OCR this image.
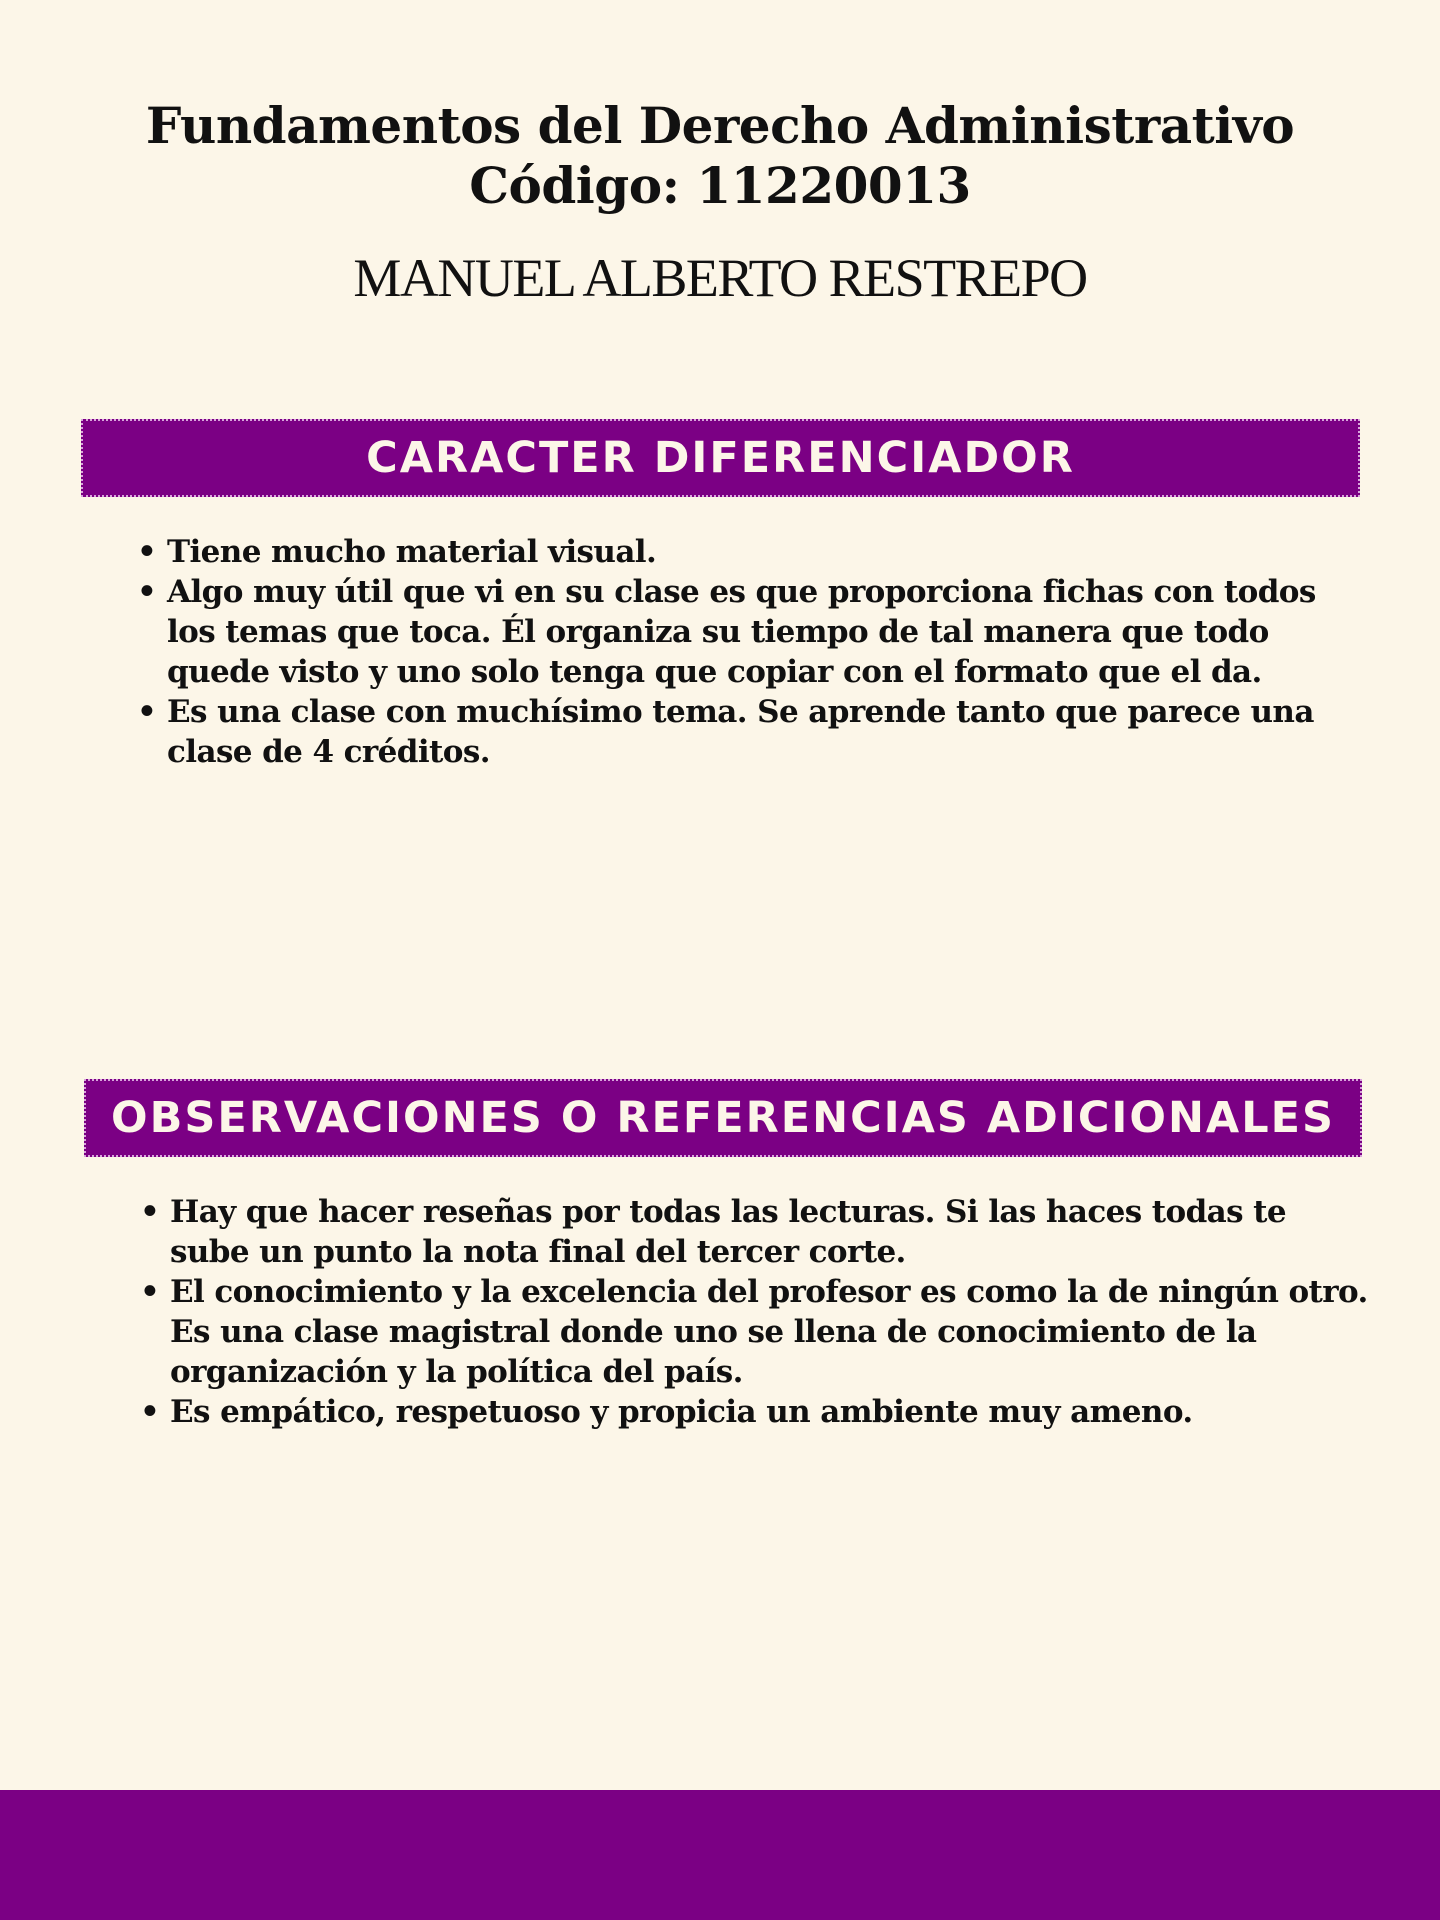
Fundamentos del Derecho Administrativo
Código: 11220013
MANUEL ALBERTO RESTREPO
CARACTER DIFERENCIADOR
• Tiene mucho material visual.
• Algo muy útil que vi en su clase es que proporciona fichas con todos los temas que toca. Él organiza su tiempo de tal manera que todo quede visto y uno solo tenga que copiar con el formato que el da.
• Es una clase con muchísimo tema. Se aprende tanto que parece una clase de 4 créditos.
OBSERVACIONES O REFERENCIAS ADICIONALES
• Hay que hacer reseñas por todas las lecturas. Si las haces todas te sube un punto la nota final del tercer corte.
• El conocimiento y la excelencia del profesor es como la de ningún otro. Es una clase magistral donde uno se llena de conocimiento de la organización y la política del país.
• Es empático, respetuoso y propicia un ambiente muy ameno.
